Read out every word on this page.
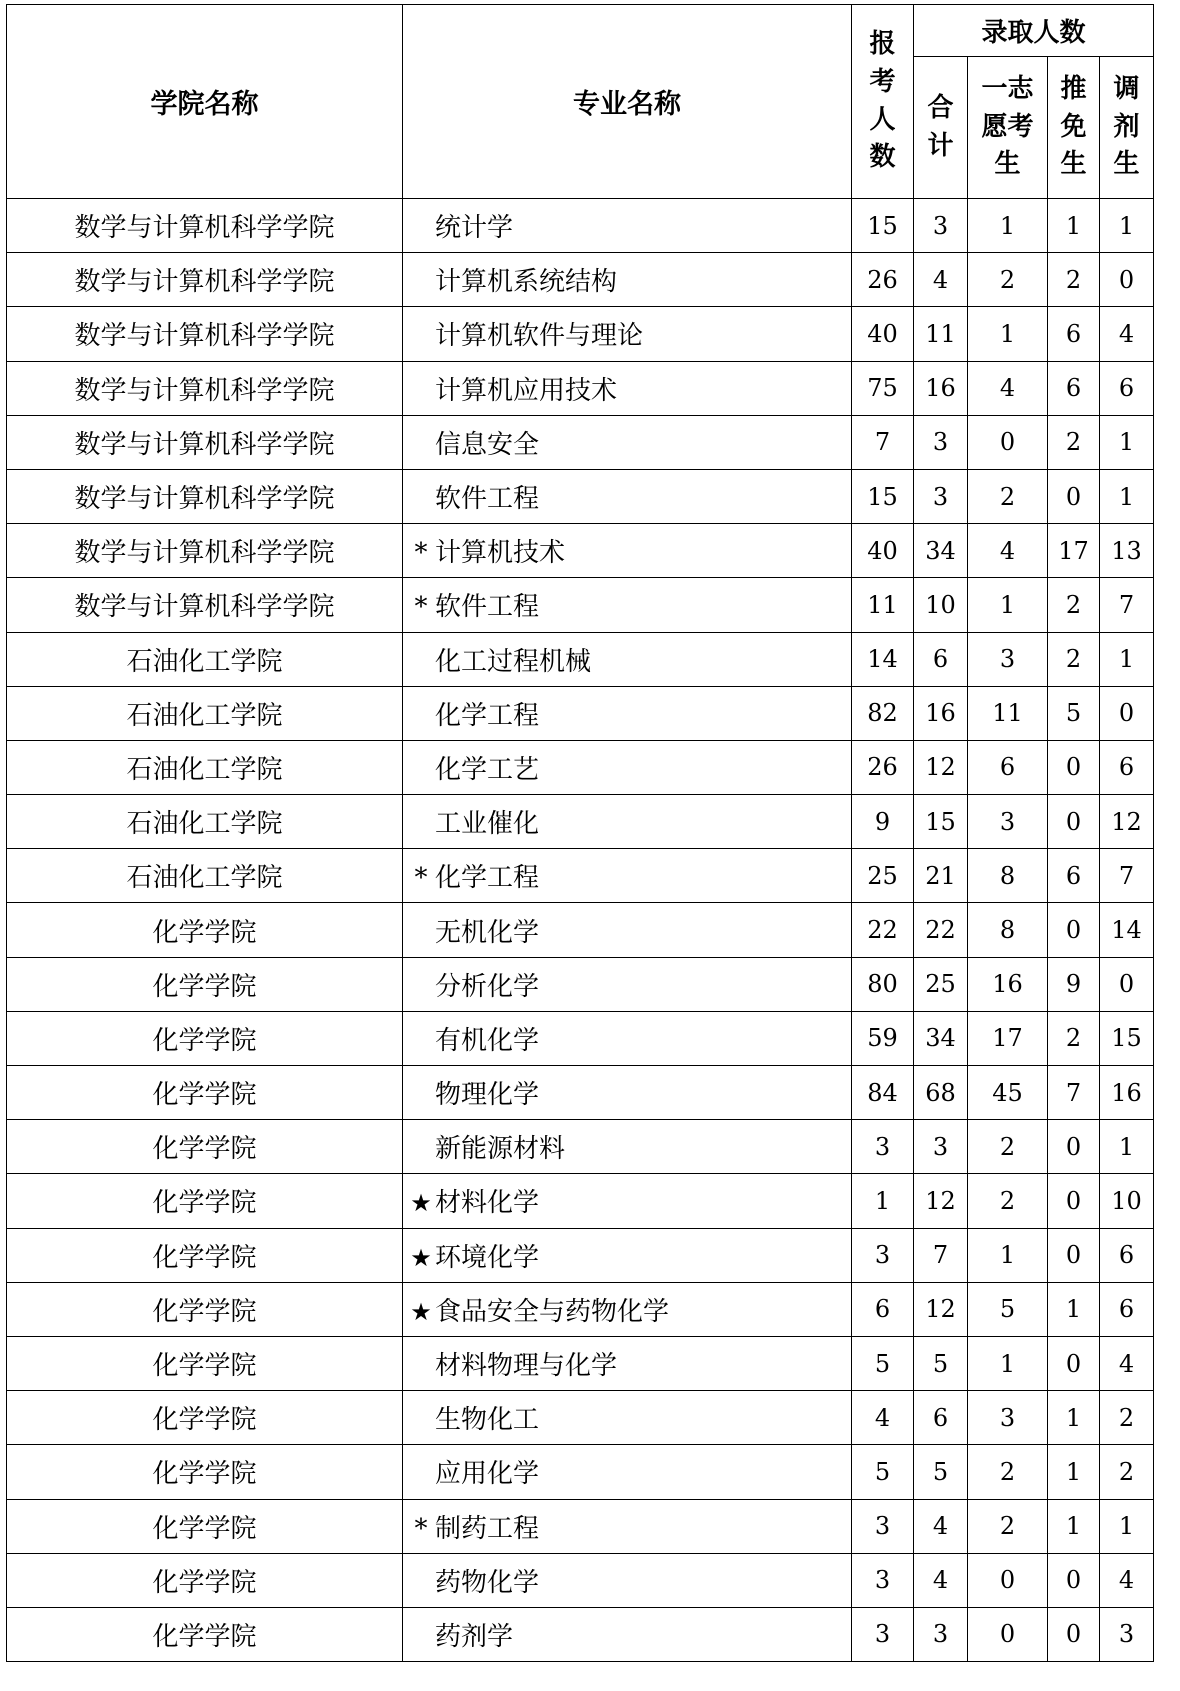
学院名称	专业名称	报考人数	录取人数			

			合计	一志愿考生	推免生	调剂生

数学与计算机科学学院	统计学	15	3	1	1	1
数学与计算机科学学院	计算机系统结构	26	4	2	2	0
数学与计算机科学学院	计算机软件与理论	40	11	1	6	4
数学与计算机科学学院	计算机应用技术	75	16	4	6	6
数学与计算机科学学院	信息安全	7	3	0	2	1
数学与计算机科学学院	软件工程	15	3	2	0	1
数学与计算机科学学院	* 计算机技术	40	34	4	17	13
数学与计算机科学学院	* 软件工程	11	10	1	2	7
石油化工学院	化工过程机械	14	6	3	2	1
石油化工学院	化学工程	82	16	11	5	0
石油化工学院	化学工艺	26	12	6	0	6
石油化工学院	工业催化	9	15	3	0	12
石油化工学院	* 化学工程	25	21	8	6	7
化学学院	无机化学	22	22	8	0	14
化学学院	分析化学	80	25	16	9	0
化学学院	有机化学	59	34	17	2	15
化学学院	物理化学	84	68	45	7	16
化学学院	新能源材料	3	3	2	0	1
化学学院	★ 材料化学	1	12	2	0	10
化学学院	★ 环境化学	3	7	1	0	6
化学学院	★ 食品安全与药物化学	6	12	5	1	6
化学学院	材料物理与化学	5	5	1	0	4
化学学院	生物化工	4	6	3	1	2
化学学院	应用化学	5	5	2	1	2
化学学院	* 制药工程	3	4	2	1	1
化学学院	药物化学	3	4	0	0	4
化学学院	药剂学	3	3	0	0	3
